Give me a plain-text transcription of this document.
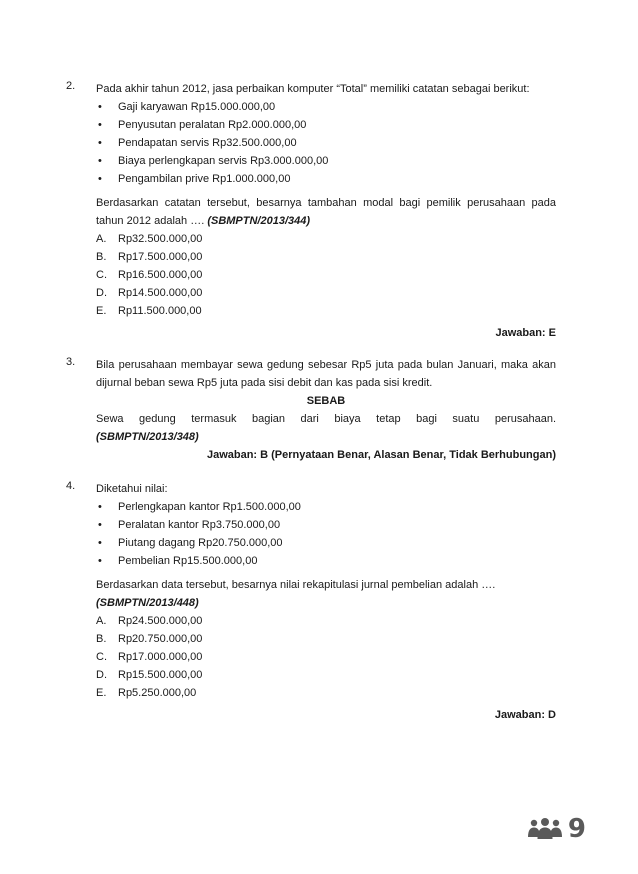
2. Pada akhir tahun 2012, jasa perbaikan komputer “Total” memiliki catatan sebagai berikut:
• Gaji karyawan Rp15.000.000,00
• Penyusutan peralatan Rp2.000.000,00
• Pendapatan servis Rp32.500.000,00
• Biaya perlengkapan servis Rp3.000.000,00
• Pengambilan prive Rp1.000.000,00
Berdasarkan catatan tersebut, besarnya tambahan modal bagi pemilik perusahaan pada tahun 2012 adalah …. (SBMPTN/2013/344)
A. Rp32.500.000,00
B. Rp17.500.000,00
C. Rp16.500.000,00
D. Rp14.500.000,00
E. Rp11.500.000,00
Jawaban: E
3. Bila perusahaan membayar sewa gedung sebesar Rp5 juta pada bulan Januari, maka akan dijurnal beban sewa Rp5 juta pada sisi debit dan kas pada sisi kredit.
SEBAB
Sewa gedung termasuk bagian dari biaya tetap bagi suatu perusahaan.
(SBMPTN/2013/348)
Jawaban: B (Pernyataan Benar, Alasan Benar, Tidak Berhubungan)
4. Diketahui nilai:
• Perlengkapan kantor Rp1.500.000,00
• Peralatan kantor Rp3.750.000,00
• Piutang dagang Rp20.750.000,00
• Pembelian Rp15.500.000,00
Berdasarkan data tersebut, besarnya nilai rekapitulasi jurnal pembelian adalah ….
(SBMPTN/2013/448)
A. Rp24.500.000,00
B. Rp20.750.000,00
C. Rp17.000.000,00
D. Rp15.500.000,00
E. Rp5.250.000,00
Jawaban: D
9
